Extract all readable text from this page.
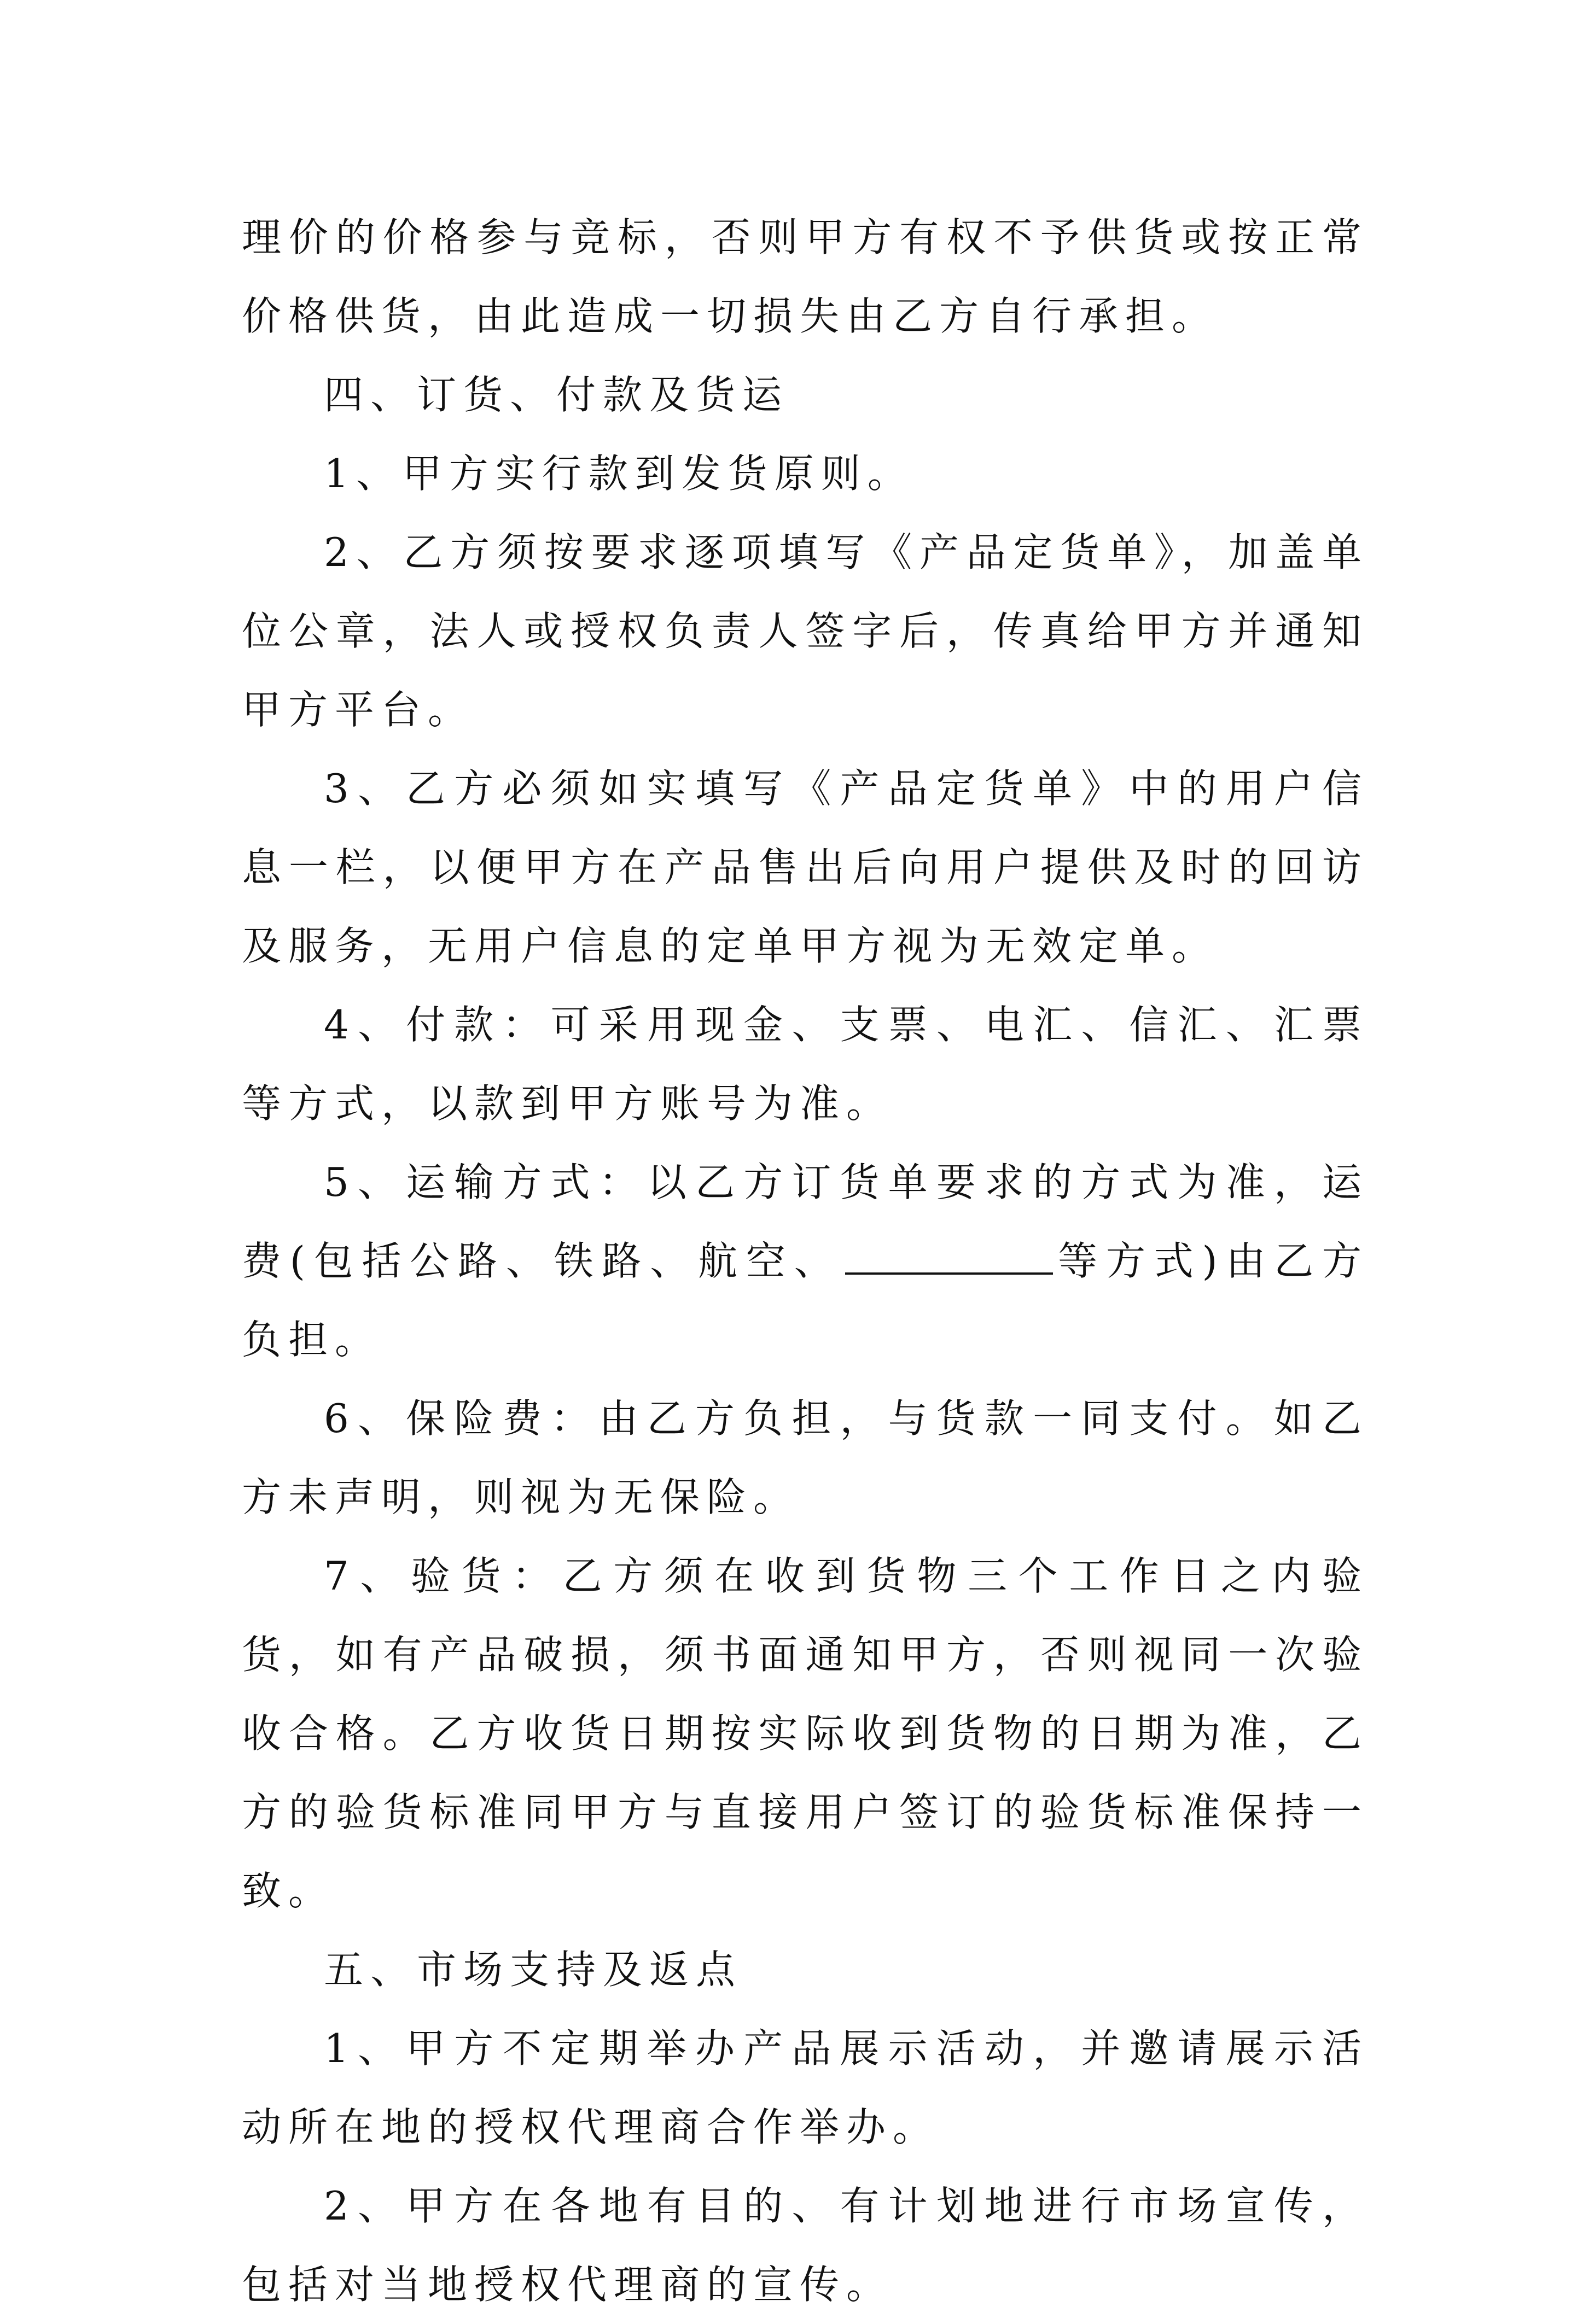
理价的价格参与竞标，否则甲方有权不予供货或按正常价格供货，由此造成一切损失由乙方自行承担。

四、订货、付款及货运

1、甲方实行款到发货原则。

2、乙方须按要求逐项填写《产品定货单》，加盖单位公章，法人或授权负责人签字后，传真给甲方并通知甲方平台。

3、乙方必须如实填写《产品定货单》中的用户信息一栏，以便甲方在产品售出后向用户提供及时的回访及服务，无用户信息的定单甲方视为无效定单。

4、付款：可采用现金、支票、电汇、信汇、汇票等方式，以款到甲方账号为准。

5、运输方式：以乙方订货单要求的方式为准，运费(包括公路、铁路、航空、	等方式)由乙方负担。

6、保险费：由乙方负担，与货款一同支付。如乙方未声明，则视为无保险。

7、验货：乙方须在收到货物三个工作日之内验货，如有产品破损，须书面通知甲方，否则视同一次验收合格。乙方收货日期按实际收到货物的日期为准，乙方的验货标准同甲方与直接用户签订的验货标准保持一致。

五、市场支持及返点

1、甲方不定期举办产品展示活动，并邀请展示活动所在地的授权代理商合作举办。

2、甲方在各地有目的、有计划地进行市场宣传，包括对当地授权代理商的宣传。
